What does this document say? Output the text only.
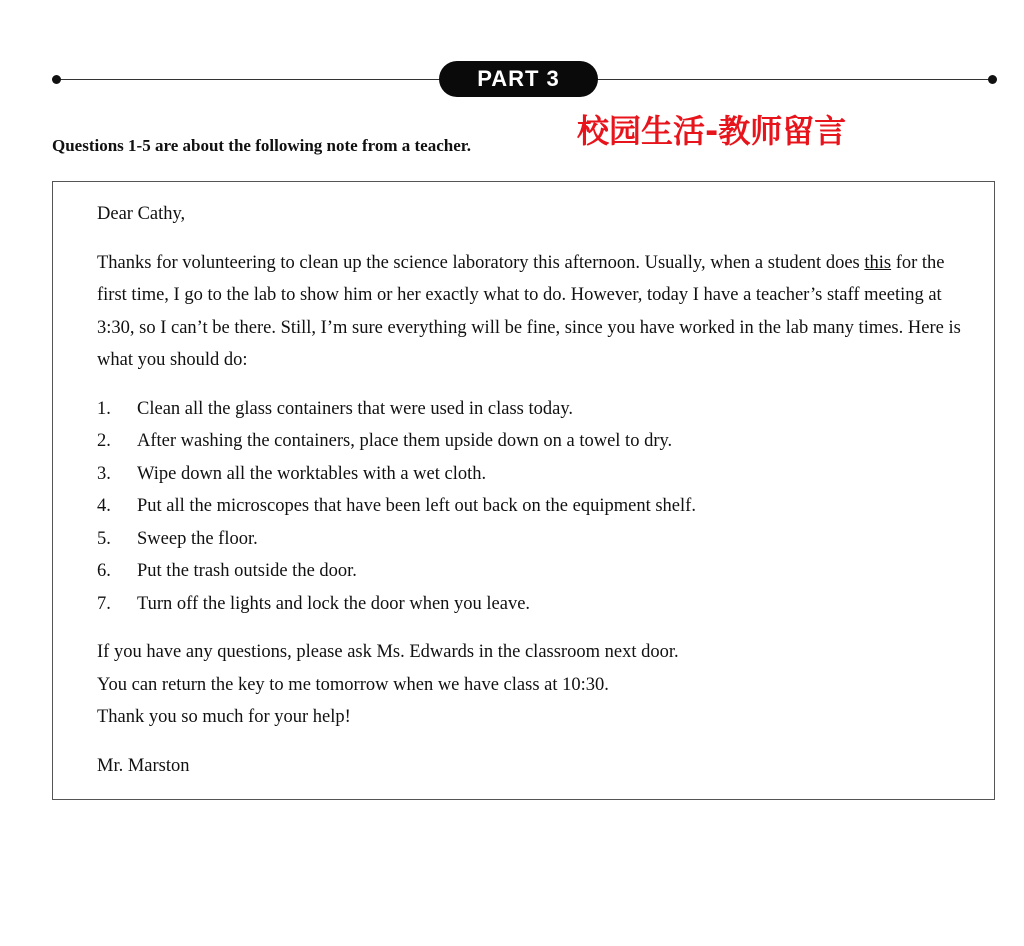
PART 3
Questions 1-5 are about the following note from a teacher.	校园生活-教师留言

Dear Cathy,

Thanks for volunteering to clean up the science laboratory this afternoon. Usually, when a student does this for the first time, I go to the lab to show him or her exactly what to do. However, today I have a teacher’s staff meeting at 3:30, so I can’t be there. Still, I’m sure everything will be fine, since you have worked in the lab many times. Here is what you should do:

1.	Clean all the glass containers that were used in class today.
2.	After washing the containers, place them upside down on a towel to dry.
3.	Wipe down all the worktables with a wet cloth.
4.	Put all the microscopes that have been left out back on the equipment shelf.
5.	Sweep the floor.
6.	Put the trash outside the door.
7.	Turn off the lights and lock the door when you leave.

If you have any questions, please ask Ms. Edwards in the classroom next door.

You can return the key to me tomorrow when we have class at 10:30.

Thank you so much for your help!

Mr. Marston
